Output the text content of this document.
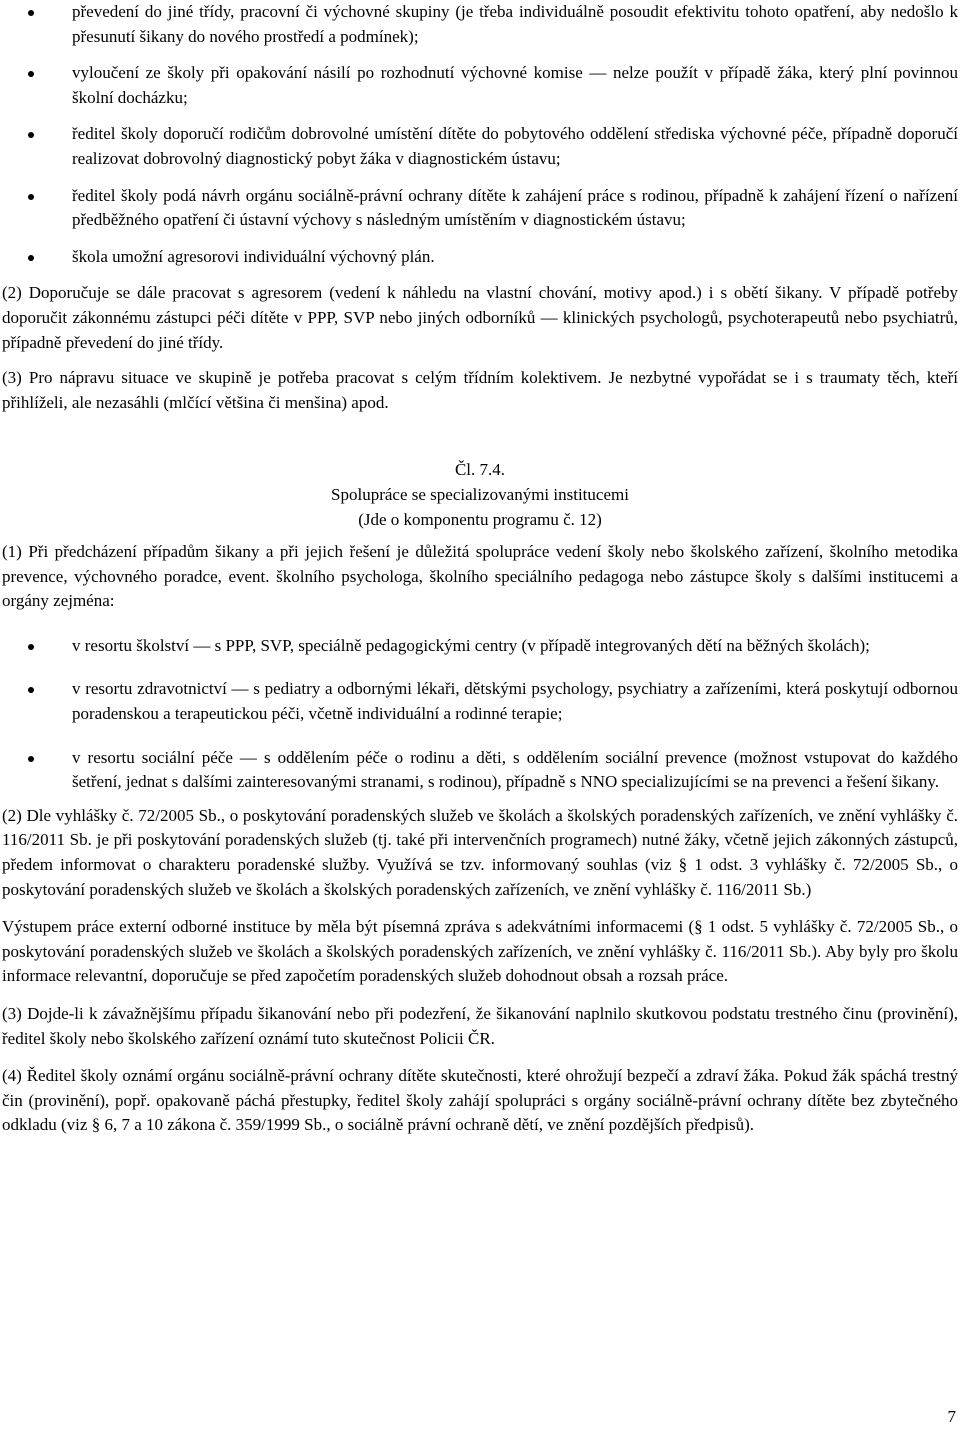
převedení do jiné třídy, pracovní či výchovné skupiny (je třeba individuálně posoudit efektivitu tohoto opatření, aby nedošlo k přesunutí šikany do nového prostředí a podmínek);
vyloučení ze školy při opakování násilí po rozhodnutí výchovné komise — nelze použít v případě žáka, který plní povinnou školní docházku;
ředitel školy doporučí rodičům dobrovolné umístění dítěte do pobytového oddělení střediska výchovné péče, případně doporučí realizovat dobrovolný diagnostický pobyt žáka v diagnostickém ústavu;
ředitel školy podá návrh orgánu sociálně-právní ochrany dítěte k zahájení práce s rodinou, případně k zahájení řízení o nařízení předběžného opatření či ústavní výchovy s následným umístěním v diagnostickém ústavu;
škola umožní agresorovi individuální výchovný plán.

(2) Doporučuje se dále pracovat s agresorem (vedení k náhledu na vlastní chování, motivy apod.) i s obětí šikany. V případě potřeby doporučit zákonnému zástupci péči dítěte v PPP, SVP nebo jiných odborníků — klinických psychologů, psychoterapeutů nebo psychiatrů, případně převedení do jiné třídy.

(3) Pro nápravu situace ve skupině je potřeba pracovat s celým třídním kolektivem. Je nezbytné vypořádat se i s traumaty těch, kteří přihlíželi, ale nezasáhli (mlčící většina či menšina) apod.

Čl. 7.4.

Spolupráce se specializovanými institucemi

(Jde o komponentu programu č. 12)

(1) Při předcházení případům šikany a při jejich řešení je důležitá spolupráce vedení školy nebo školského zařízení, školního metodika prevence, výchovného poradce, event. školního psychologa, školního speciálního pedagoga nebo zástupce školy s dalšími institucemi a orgány zejména:

v resortu školství — s PPP, SVP, speciálně pedagogickými centry (v případě integrovaných dětí na běžných školách);
v resortu zdravotnictví — s pediatry a odbornými lékaři, dětskými psychology, psychiatry a zařízeními, která poskytují odbornou poradenskou a terapeutickou péči, včetně individuální a rodinné terapie;
v resortu sociální péče — s oddělením péče o rodinu a děti, s oddělením sociální prevence (možnost vstupovat do každého šetření, jednat s dalšími zainteresovanými stranami, s rodinou), případně s NNO specializujícími se na prevenci a řešení šikany.

(2) Dle vyhlášky č. 72/2005 Sb., o poskytování poradenských služeb ve školách a školských poradenských zařízeních, ve znění vyhlášky č. 116/2011 Sb. je při poskytování poradenských služeb (tj. také při intervenčních programech) nutné žáky, včetně jejich zákonných zástupců, předem informovat o charakteru poradenské služby. Využívá se tzv. informovaný souhlas (viz § 1 odst. 3 vyhlášky č. 72/2005 Sb., o poskytování poradenských služeb ve školách a školských poradenských zařízeních, ve znění vyhlášky č. 116/2011 Sb.)

Výstupem práce externí odborné instituce by měla být písemná zpráva s adekvátními informacemi (§ 1 odst. 5 vyhlášky č. 72/2005 Sb., o poskytování poradenských služeb ve školách a školských poradenských zařízeních, ve znění vyhlášky č. 116/2011 Sb.). Aby byly pro školu informace relevantní, doporučuje se před započetím poradenských služeb dohodnout obsah a rozsah práce.

(3) Dojde-li k závažnějšímu případu šikanování nebo při podezření, že šikanování naplnilo skutkovou podstatu trestného činu (provinění), ředitel školy nebo školského zařízení oznámí tuto skutečnost Policii ČR.

(4) Ředitel školy oznámí orgánu sociálně-právní ochrany dítěte skutečnosti, které ohrožují bezpečí a zdraví žáka. Pokud žák spáchá trestný čin (provinění), popř. opakovaně páchá přestupky, ředitel školy zahájí spolupráci s orgány sociálně-právní ochrany dítěte bez zbytečného odkladu (viz § 6, 7 a 10 zákona č. 359/1999 Sb., o sociálně právní ochraně dětí, ve znění pozdějších předpisů).

7
